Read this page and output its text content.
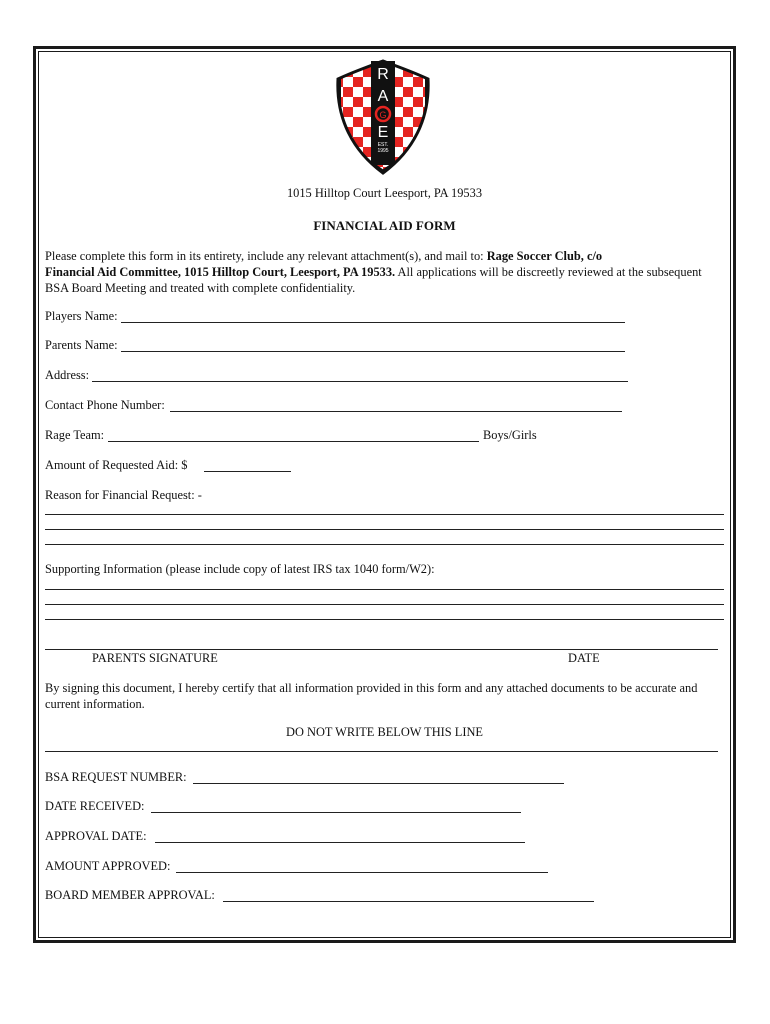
R
A
G
E
EST.
1995
1015 Hilltop Court Leesport, PA 19533
FINANCIAL AID FORM
Please complete this form in its entirety, include any relevant attachment(s), and mail to: Rage Soccer Club, c/o
Financial Aid Committee, 1015 Hilltop Court, Leesport, PA 19533. All applications will be discreetly reviewed at the subsequent BSA Board Meeting and treated with complete confidentiality.
Players Name:
Parents Name:
Address:
Contact Phone Number:
Rage Team:	Boys/Girls
Amount of Requested Aid: $
Reason for Financial Request: -
Supporting Information (please include copy of latest IRS tax 1040 form/W2):
PARENTS SIGNATURE	DATE
By signing this document, I hereby certify that all information provided in this form and any attached documents to be accurate and current information.
DO NOT WRITE BELOW THIS LINE
BSA REQUEST NUMBER:
DATE RECEIVED:
APPROVAL DATE:
AMOUNT APPROVED:
BOARD MEMBER APPROVAL:
